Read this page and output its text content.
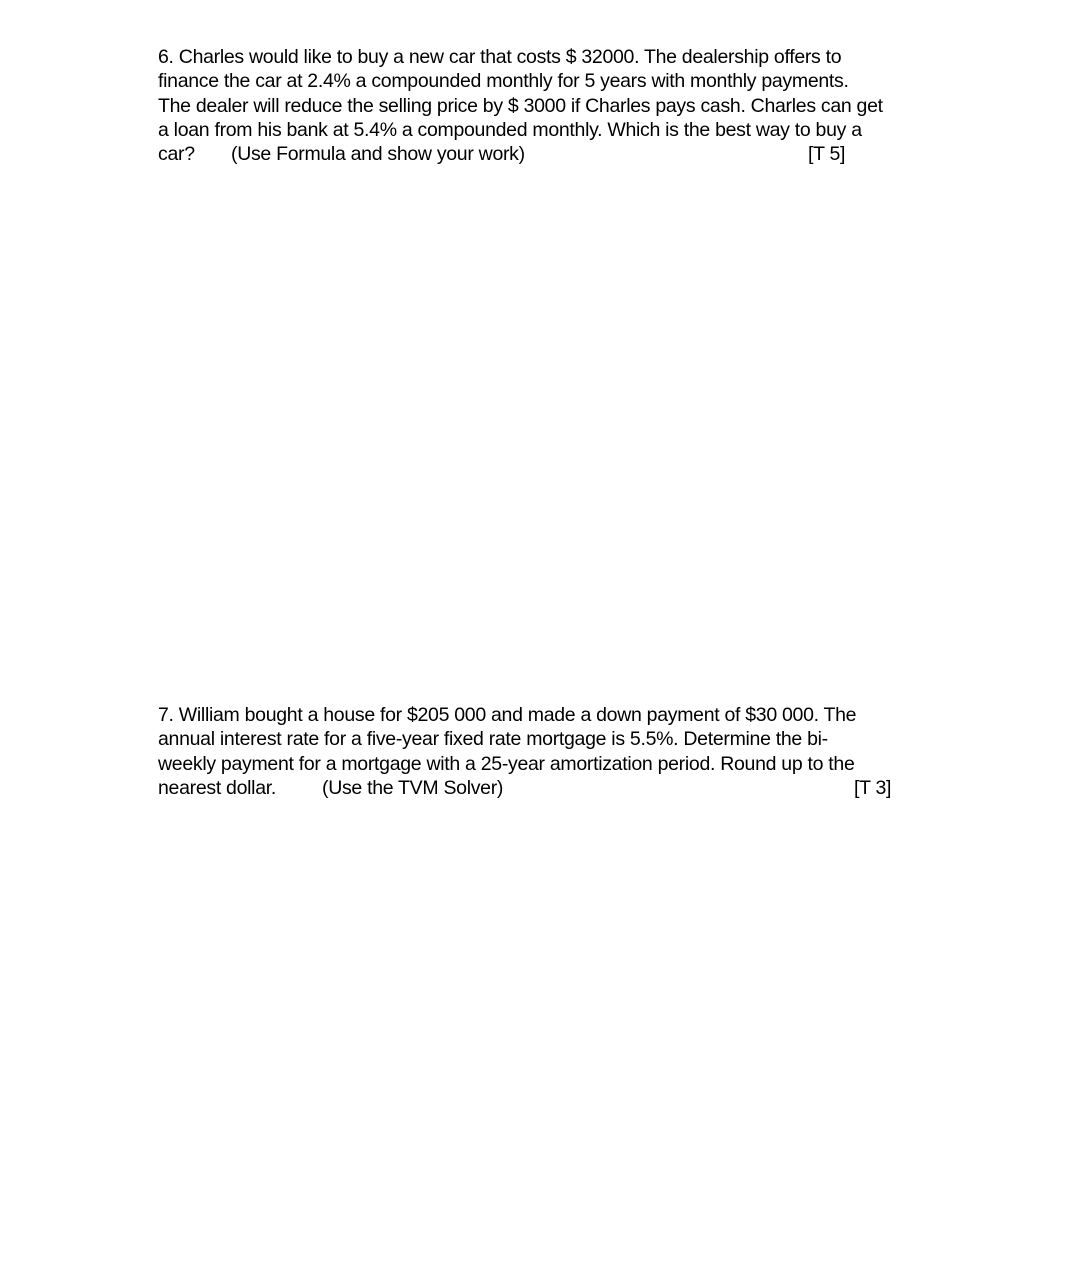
6. Charles would like to buy a new car that costs $ 32000. The dealership offers to
finance the car at 2.4% a compounded monthly for 5 years with monthly payments.
The dealer will reduce the selling price by $ 3000 if Charles pays cash. Charles can get
a loan from his bank at 5.4% a compounded monthly. Which is the best way to buy a
car? (Use Formula and show your work)	[T 5]
7. William bought a house for $205 000 and made a down payment of $30 000. The
annual interest rate for a five-year fixed rate mortgage is 5.5%. Determine the bi-
weekly payment for a mortgage with a 25-year amortization period. Round up to the
nearest dollar. (Use the TVM Solver)	[T 3]
